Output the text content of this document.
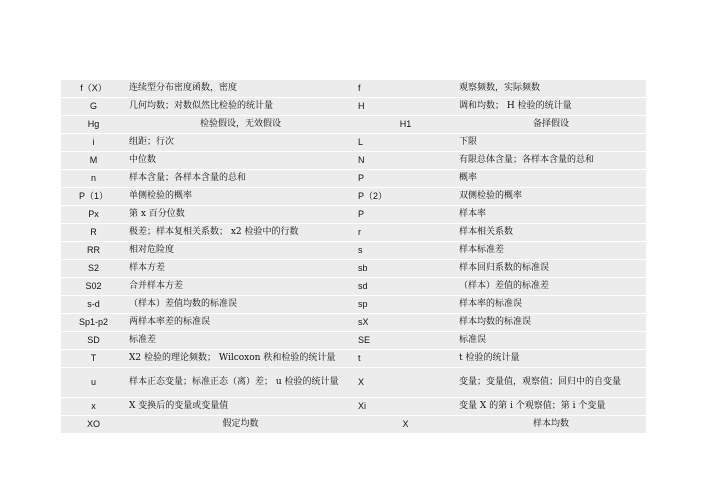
f（X）	连续型分布密度函数，密度	f	观察频数，实际频数
G	几何均数；对数似然比检验的统计量	H	调和均数； H 检验的统计量
Hg	检验假设，无效假设	H1	备择假设
i	组距；行次	L	下限
M	中位数	N	有限总体含量；各样本含量的总和
n	样本含量；各样本含量的总和	P	概率
P（1）	单侧检验的概率	P（2）	双侧检验的概率
Px	第 x 百分位数	P	样本率
R	极差；样本复相关系数； x2 检验中的行数	r	样本相关系数
RR	相对危险度	s	样本标准差
S2	样本方差	sb	样本回归系数的标准误
S02	合并样本方差	sd	（样本）差值的标准差
s-d	（样本）差值均数的标准误	sp	样本率的标准误
Sp1-p2	两样本率差的标准误	sX	样本均数的标准误
SD	标准差	SE	标准误
T	X2 检验的理论频数； Wilcoxon 秩和检验的统计量	t	t 检验的统计量
u	样本正态变量；标准正态（离）差； u 检验的统计量	X	变量；变量值，观察值；回归中的自变量
x	X 变换后的变量或变量值	Xi	变量 X 的第 i 个观察值；第 i 个变量
XO	假定均数	X	样本均数
